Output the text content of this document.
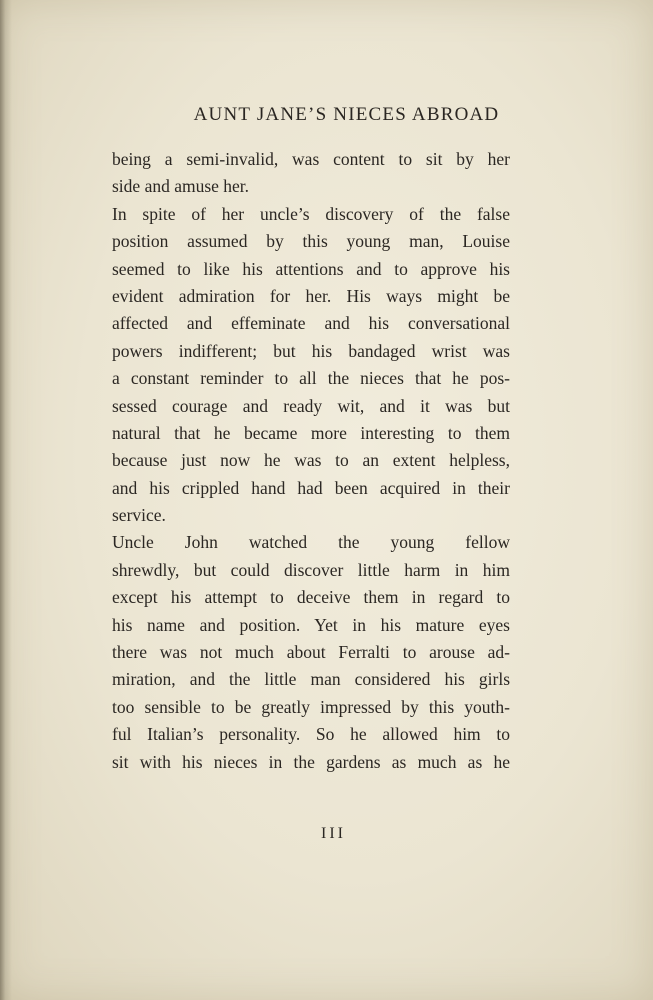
AUNT JANE’S NIECES ABROAD
being a semi-invalid, was content to sit by her
side and amuse her.
In spite of her uncle’s discovery of the false
position assumed by this young man, Louise
seemed to like his attentions and to approve his
evident admiration for her. His ways might be
affected and effeminate and his conversational
powers indifferent; but his bandaged wrist was
a constant reminder to all the nieces that he pos-
sessed courage and ready wit, and it was but
natural that he became more interesting to them
because just now he was to an extent helpless,
and his crippled hand had been acquired in their
service.
Uncle John watched the young fellow
shrewdly, but could discover little harm in him
except his attempt to deceive them in regard to
his name and position. Yet in his mature eyes
there was not much about Ferralti to arouse ad-
miration, and the little man considered his girls
too sensible to be greatly impressed by this youth-
ful Italian’s personality. So he allowed him to
sit with his nieces in the gardens as much as he
III
